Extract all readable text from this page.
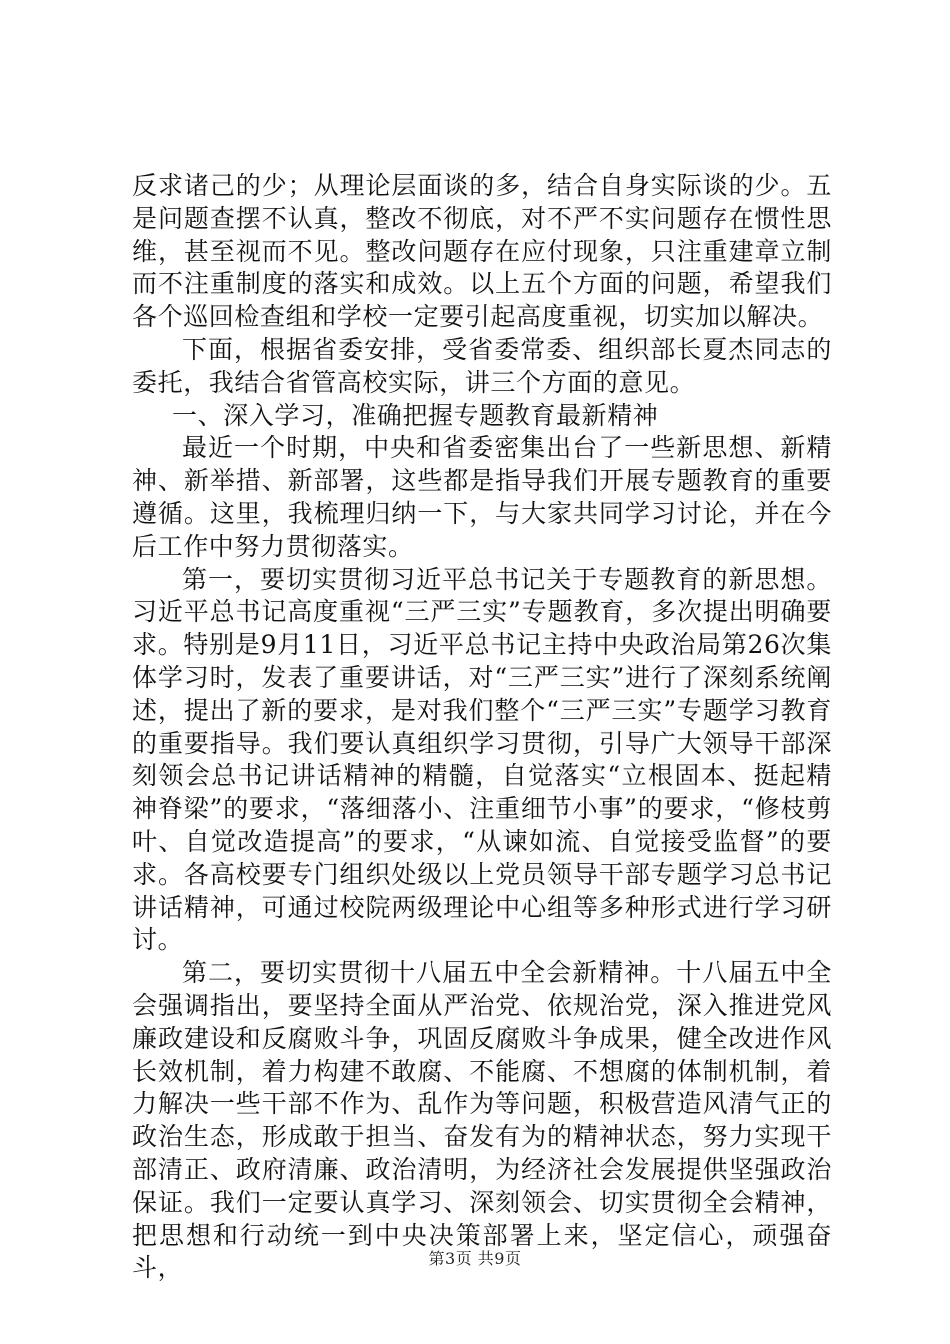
反求诸己的少；从理论层面谈的多，结合自身实际谈的少。五是问题查摆不认真，整改不彻底，对不严不实问题存在惯性思维，甚至视而不见。整改问题存在应付现象，只注重建章立制而不注重制度的落实和成效。以上五个方面的问题，希望我们各个巡回检查组和学校一定要引起高度重视，切实加以解决。

下面，根据省委安排，受省委常委、组织部长夏杰同志的委托，我结合省管高校实际，讲三个方面的意见。

一、深入学习，准确把握专题教育最新精神

最近一个时期，中央和省委密集出台了一些新思想、新精神、新举措、新部署，这些都是指导我们开展专题教育的重要遵循。这里，我梳理归纳一下，与大家共同学习讨论，并在今后工作中努力贯彻落实。

第一，要切实贯彻习近平总书记关于专题教育的新思想。习近平总书记高度重视“三严三实”专题教育，多次提出明确要求。特别是9月11日，习近平总书记主持中央政治局第26次集体学习时，发表了重要讲话，对“三严三实”进行了深刻系统阐述，提出了新的要求，是对我们整个“三严三实”专题学习教育的重要指导。我们要认真组织学习贯彻，引导广大领导干部深刻领会总书记讲话精神的精髓，自觉落实“立根固本、挺起精神脊梁”的要求，“落细落小、注重细节小事”的要求，“修枝剪叶、自觉改造提高”的要求，“从谏如流、自觉接受监督”的要求。各高校要专门组织处级以上党员领导干部专题学习总书记讲话精神，可通过校院两级理论中心组等多种形式进行学习研讨。

第二，要切实贯彻十八届五中全会新精神。十八届五中全会强调指出，要坚持全面从严治党、依规治党，深入推进党风廉政建设和反腐败斗争，巩固反腐败斗争成果，健全改进作风长效机制，着力构建不敢腐、不能腐、不想腐的体制机制，着力解决一些干部不作为、乱作为等问题，积极营造风清气正的政治生态，形成敢于担当、奋发有为的精神状态，努力实现干部清正、政府清廉、政治清明，为经济社会发展提供坚强政治保证。我们一定要认真学习、深刻领会、切实贯彻全会精神，把思想和行动统一到中央决策部署上来，坚定信心，顽强奋斗，	第3页 共9页
